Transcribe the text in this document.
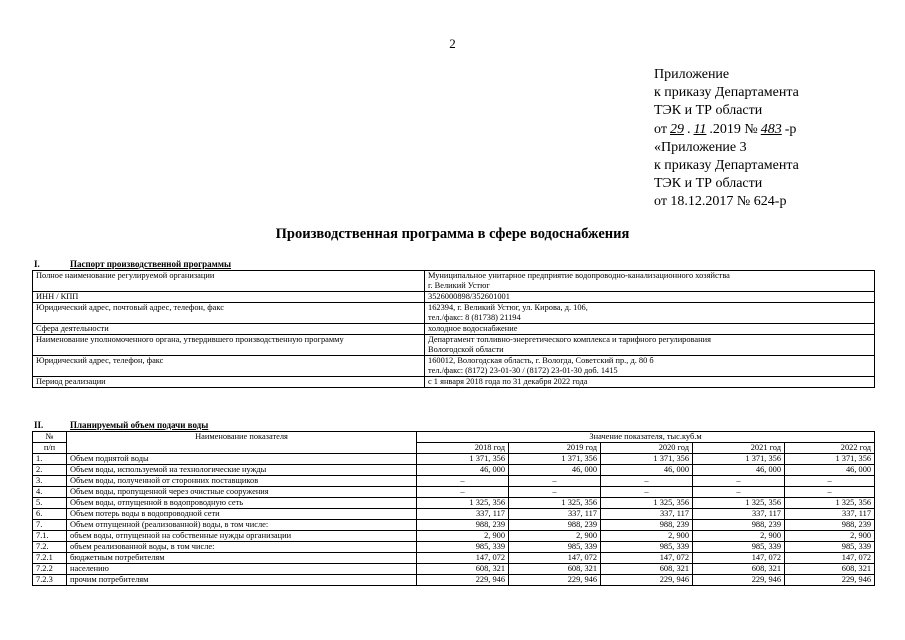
2
Приложение
к приказу Департамента
ТЭК и ТР области
от 29 . 11 .2019 № 483 -р
«Приложение 3
к приказу Департамента
ТЭК и ТР области
от 18.12.2017 № 624-р
Производственная программа в сфере водоснабжения
I.	Паспорт производственной программы
Полное наименование регулируемой организации	Муниципальное унитарное предприятие водопроводно-канализационного хозяйства
г. Великий Устюг

ИНН / КПП	3526000898/352601001

Юридический адрес, почтовый адрес, телефон, факс	162394, г. Великий Устюг, ул. Кирова, д. 106,
тел./факс: 8 (81738) 21194

Сфера деятельности	холодное водоснабжение

Наименование уполномоченного органа, утвердившего производственную программу	Департамент топливно-энергетического комплекса и тарифного регулирования
Вологодской области

Юридический адрес, телефон, факс	160012, Вологодская область, г. Вологда, Советский пр., д. 80 б
тел./факс: (8172) 23-01-30 / (8172) 23-01-30 доб. 1415

Период реализации	с 1 января 2018 года по 31 декабря 2022 года
II.	Планируемый объем подачи воды
№	Наименование показателя	Значение показателя, тыс.куб.м				
п/п		2018 год	2019 год	2020 год	2021 год	2022 год
1.	Объем поднятой воды	1 371, 356	1 371, 356	1 371, 356	1 371, 356	1 371, 356
2.	Объем воды, используемой на технологические нужды	46, 000	46, 000	46, 000	46, 000	46, 000
3.	Объем воды, полученной от сторонних поставщиков	–	–	–	–	–
4.	Объем воды, пропущенной через очистные сооружения	–	–	–	–	–
5.	Объем воды, отпущенной в водопроводную сеть	1 325, 356	1 325, 356	1 325, 356	1 325, 356	1 325, 356
6.	Объем потерь воды в водопроводной сети	337, 117	337, 117	337, 117	337, 117	337, 117
7.	Объем отпущенной (реализованной) воды, в том числе:	988, 239	988, 239	988, 239	988, 239	988, 239
7.1.	объем воды, отпущенной на собственные нужды организации	2, 900	2, 900	2, 900	2, 900	2, 900
7.2.	объем реализованной воды, в том числе:	985, 339	985, 339	985, 339	985, 339	985, 339
7.2.1	бюджетным потребителям	147, 072	147, 072	147, 072	147, 072	147, 072
7.2.2	населению	608, 321	608, 321	608, 321	608, 321	608, 321
7.2.3	прочим потребителям	229, 946	229, 946	229, 946	229, 946	229, 946
